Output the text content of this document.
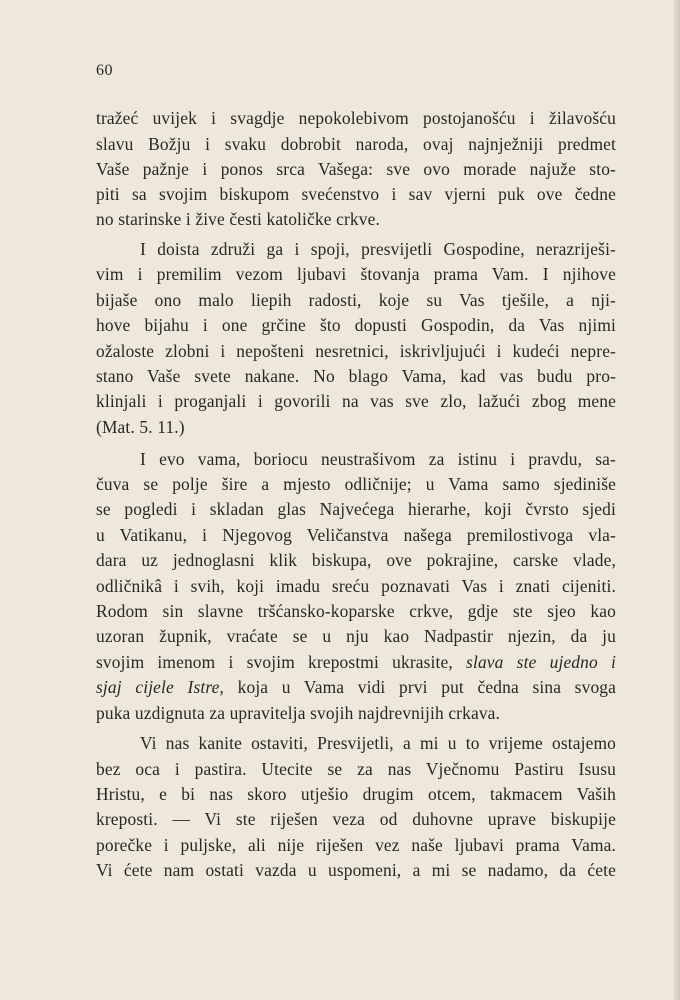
60
tražeć uvijek i svagdje nepokolebivom postojanošću i žilavošću
slavu Božju i svaku dobrobit naroda, ovaj najnježniji predmet
Vaše pažnje i ponos srca Vašega: sve ovo morade najuže sto-
piti sa svojim biskupom svećenstvo i sav vjerni puk ove čedne
no starinske i žive česti katoličke crkve.
I doista združi ga i spoji, presvijetli Gospodine, nerazriješi-
vim i premilim vezom ljubavi štovanja prama Vam. I njihove
bijaše ono malo liepih radosti, koje su Vas tješile, a nji-
hove bijahu i one grčine što dopusti Gospodin, da Vas njimi
ožaloste zlobni i nepošteni nesretnici, iskrivljujući i kudeći nepre-
stano Vaše svete nakane. No blago Vama, kad vas budu pro-
klinjali i proganjali i govorili na vas sve zlo, lažući zbog mene
(Mat. 5. 11.)
I evo vama, boriocu neustrašivom za istinu i pravdu, sa-
čuva se polje šire a mjesto odličnije; u Vama samo sjediniše
se pogledi i skladan glas Najvećega hierarhe, koji čvrsto sjedi
u Vatikanu, i Njegovog Veličanstva našega premilostivoga vla-
dara uz jednoglasni klik biskupa, ove pokrajine, carske vlade,
odličnikâ i svih, koji imadu sreću poznavati Vas i znati cijeniti.
Rodom sin slavne tršćansko-koparske crkve, gdje ste sjeo kao
uzoran župnik, vraćate se u nju kao Nadpastir njezin, da ju
svojim imenom i svojim krepostmi ukrasite, slava ste ujedno i
sjaj cijele Istre, koja u Vama vidi prvi put čedna sina svoga
puka uzdignuta za upravitelja svojih najdrevnijih crkava.
Vi nas kanite ostaviti, Presvijetli, a mi u to vrijeme ostajemo
bez oca i pastira. Utecite se za nas Vječnomu Pastiru Isusu
Hristu, e bi nas skoro utješio drugim otcem, takmacem Vaših
kreposti. — Vi ste riješen veza od duhovne uprave biskupije
porečke i puljske, ali nije riješen vez naše ljubavi prama Vama.
Vi ćete nam ostati vazda u uspomeni, a mi se nadamo, da ćete
